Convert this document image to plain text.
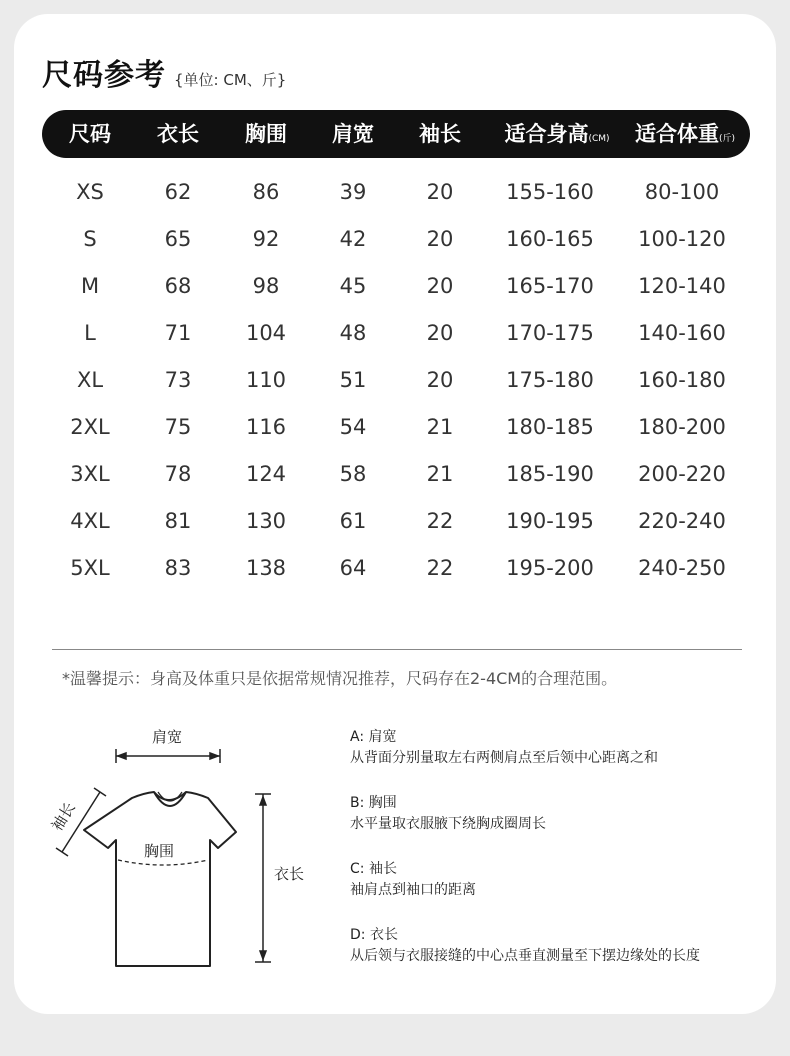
尺码参考 {单位: CM、斤}
尺码 衣长 胸围 肩宽 袖长 适合身高(CM) 适合体重(斤)
XS	62	86	39	20	155-160 80-100
S	65	92	42	20	160-165 100-120
M	68	98	45	20	165-170 120-140
L	71	104	48	20	170-175 140-160
XL	73	110	51	20	175-180 160-180
2XL	75	116	54	21	180-185 180-200
3XL	78	124	58	21	185-190 200-220
4XL	81	130	61	22	190-195 220-240
5XL	83	138	64	22	195-200 240-250
*温馨提示：身高及体重只是依据常规情况推荐，尺码存在2-4CM的合理范围。
肩宽
袖长
胸围
衣长
A: 肩宽
从背面分别量取左右两侧肩点至后领中心距离之和
B: 胸围
水平量取衣服腋下绕胸成圈周长
C: 袖长
袖肩点到袖口的距离
D: 衣长
从后领与衣服接缝的中心点垂直测量至下摆边缘处的长度
